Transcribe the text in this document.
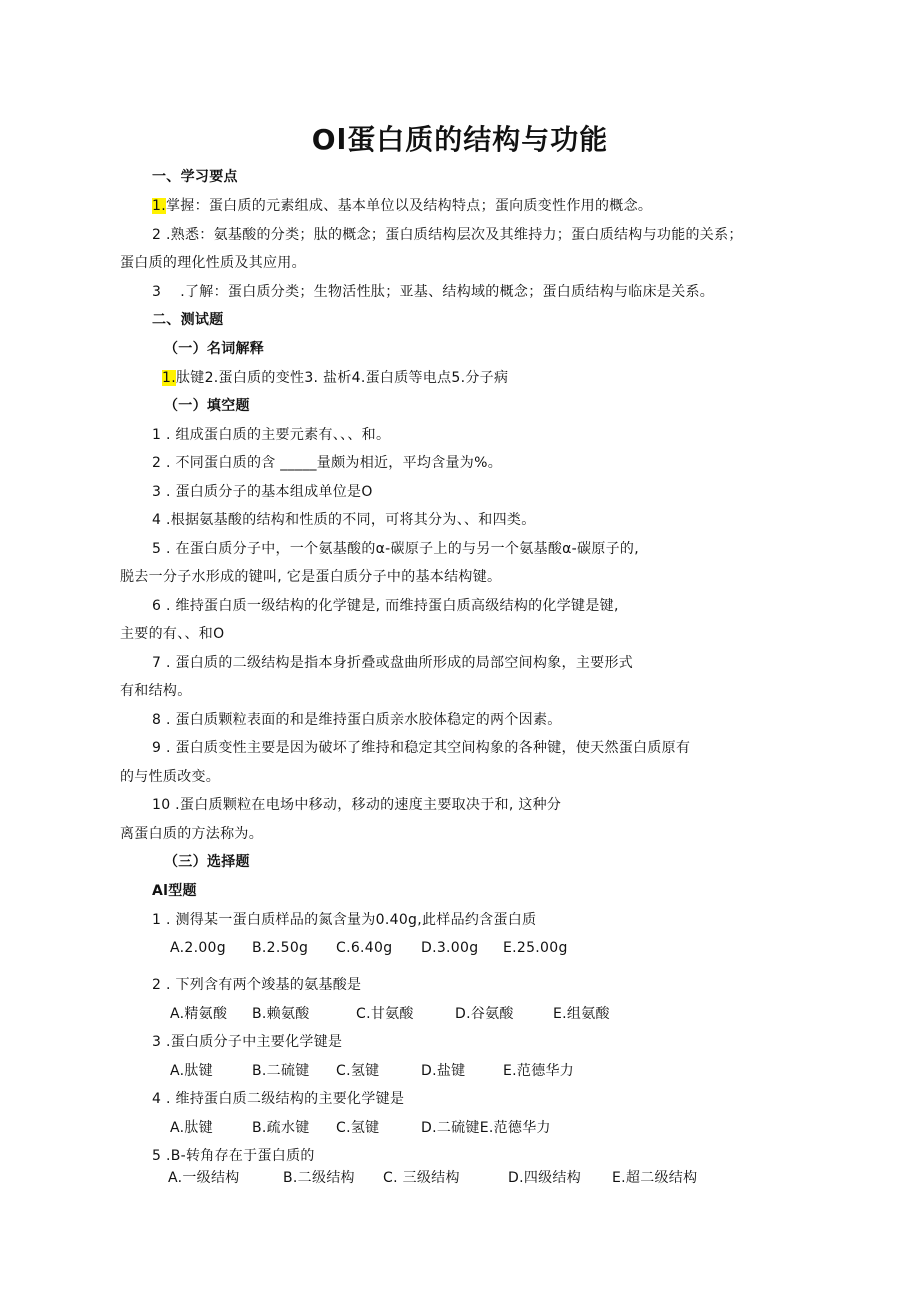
Ol蛋白质的结构与功能
一、学习要点
1.掌握：蛋白质的元素组成、基本单位以及结构特点；蛋向质变性作用的概念。
2 .熟悉：氨基酸的分类；肽的概念；蛋白质结构层次及其维持力；蛋白质结构与功能的关系；
蛋白质的理化性质及其应用。
3　 .了解：蛋白质分类；生物活性肽；亚基、结构域的概念；蛋白质结构与临床是关系。
二、测试题
（一）名词解释
1.肽键2.蛋白质的变性3. 盐析4.蛋白质等电点5.分子病
（一）填空题
1 . 组成蛋白质的主要元素有、、、和。
2 . 不同蛋白质的含 _____量颇为相近，平均含量为%。
3 . 蛋白质分子的基本组成单位是O
4 .根据氨基酸的结构和性质的不同，可将其分为、、和四类。
5 . 在蛋白质分子中，一个氨基酸的α-碳原子上的与另一个氨基酸α-碳原子的,
脱去一分子水形成的键叫, 它是蛋白质分子中的基本结构键。
6 . 维持蛋白质一级结构的化学键是, 而维持蛋白质高级结构的化学键是键,
主要的有、、和O
7 . 蛋白质的二级结构是指本身折叠或盘曲所形成的局部空间构象，主要形式
有和结构。
8 . 蛋白质颗粒表面的和是维持蛋白质亲水胶体稳定的两个因素。
9 . 蛋白质变性主要是因为破坏了维持和稳定其空间构象的各种键，使天然蛋白质原有
的与性质改变。
10 .蛋白质颗粒在电场中移动，移动的速度主要取决于和, 这种分
离蛋白质的方法称为。
（三）选择题
Al型题
1 . 测得某一蛋白质样品的氮含量为0.40g,此样品约含蛋白质
A.2.00g B.2.50g C.6.40g D.3.00g E.25.00g
2 . 下列含有两个竣基的氨基酸是
A.精氨酸 B.赖氨酸	C.甘氨酸	D.谷氨酸	E.组氨酸
3 .蛋白质分子中主要化学键是
A.肽键	B.二硫键 C.氢键	D.盐键	E.范德华力
4 . 维持蛋白质二级结构的主要化学键是
A.肽键	B.疏水键 C.氢键	D.二硫键E.范德华力
5 .B-转角存在于蛋白质的
A.一级结构	B.二级结构 C. 三级结构	D.四级结构 E.超二级结构
